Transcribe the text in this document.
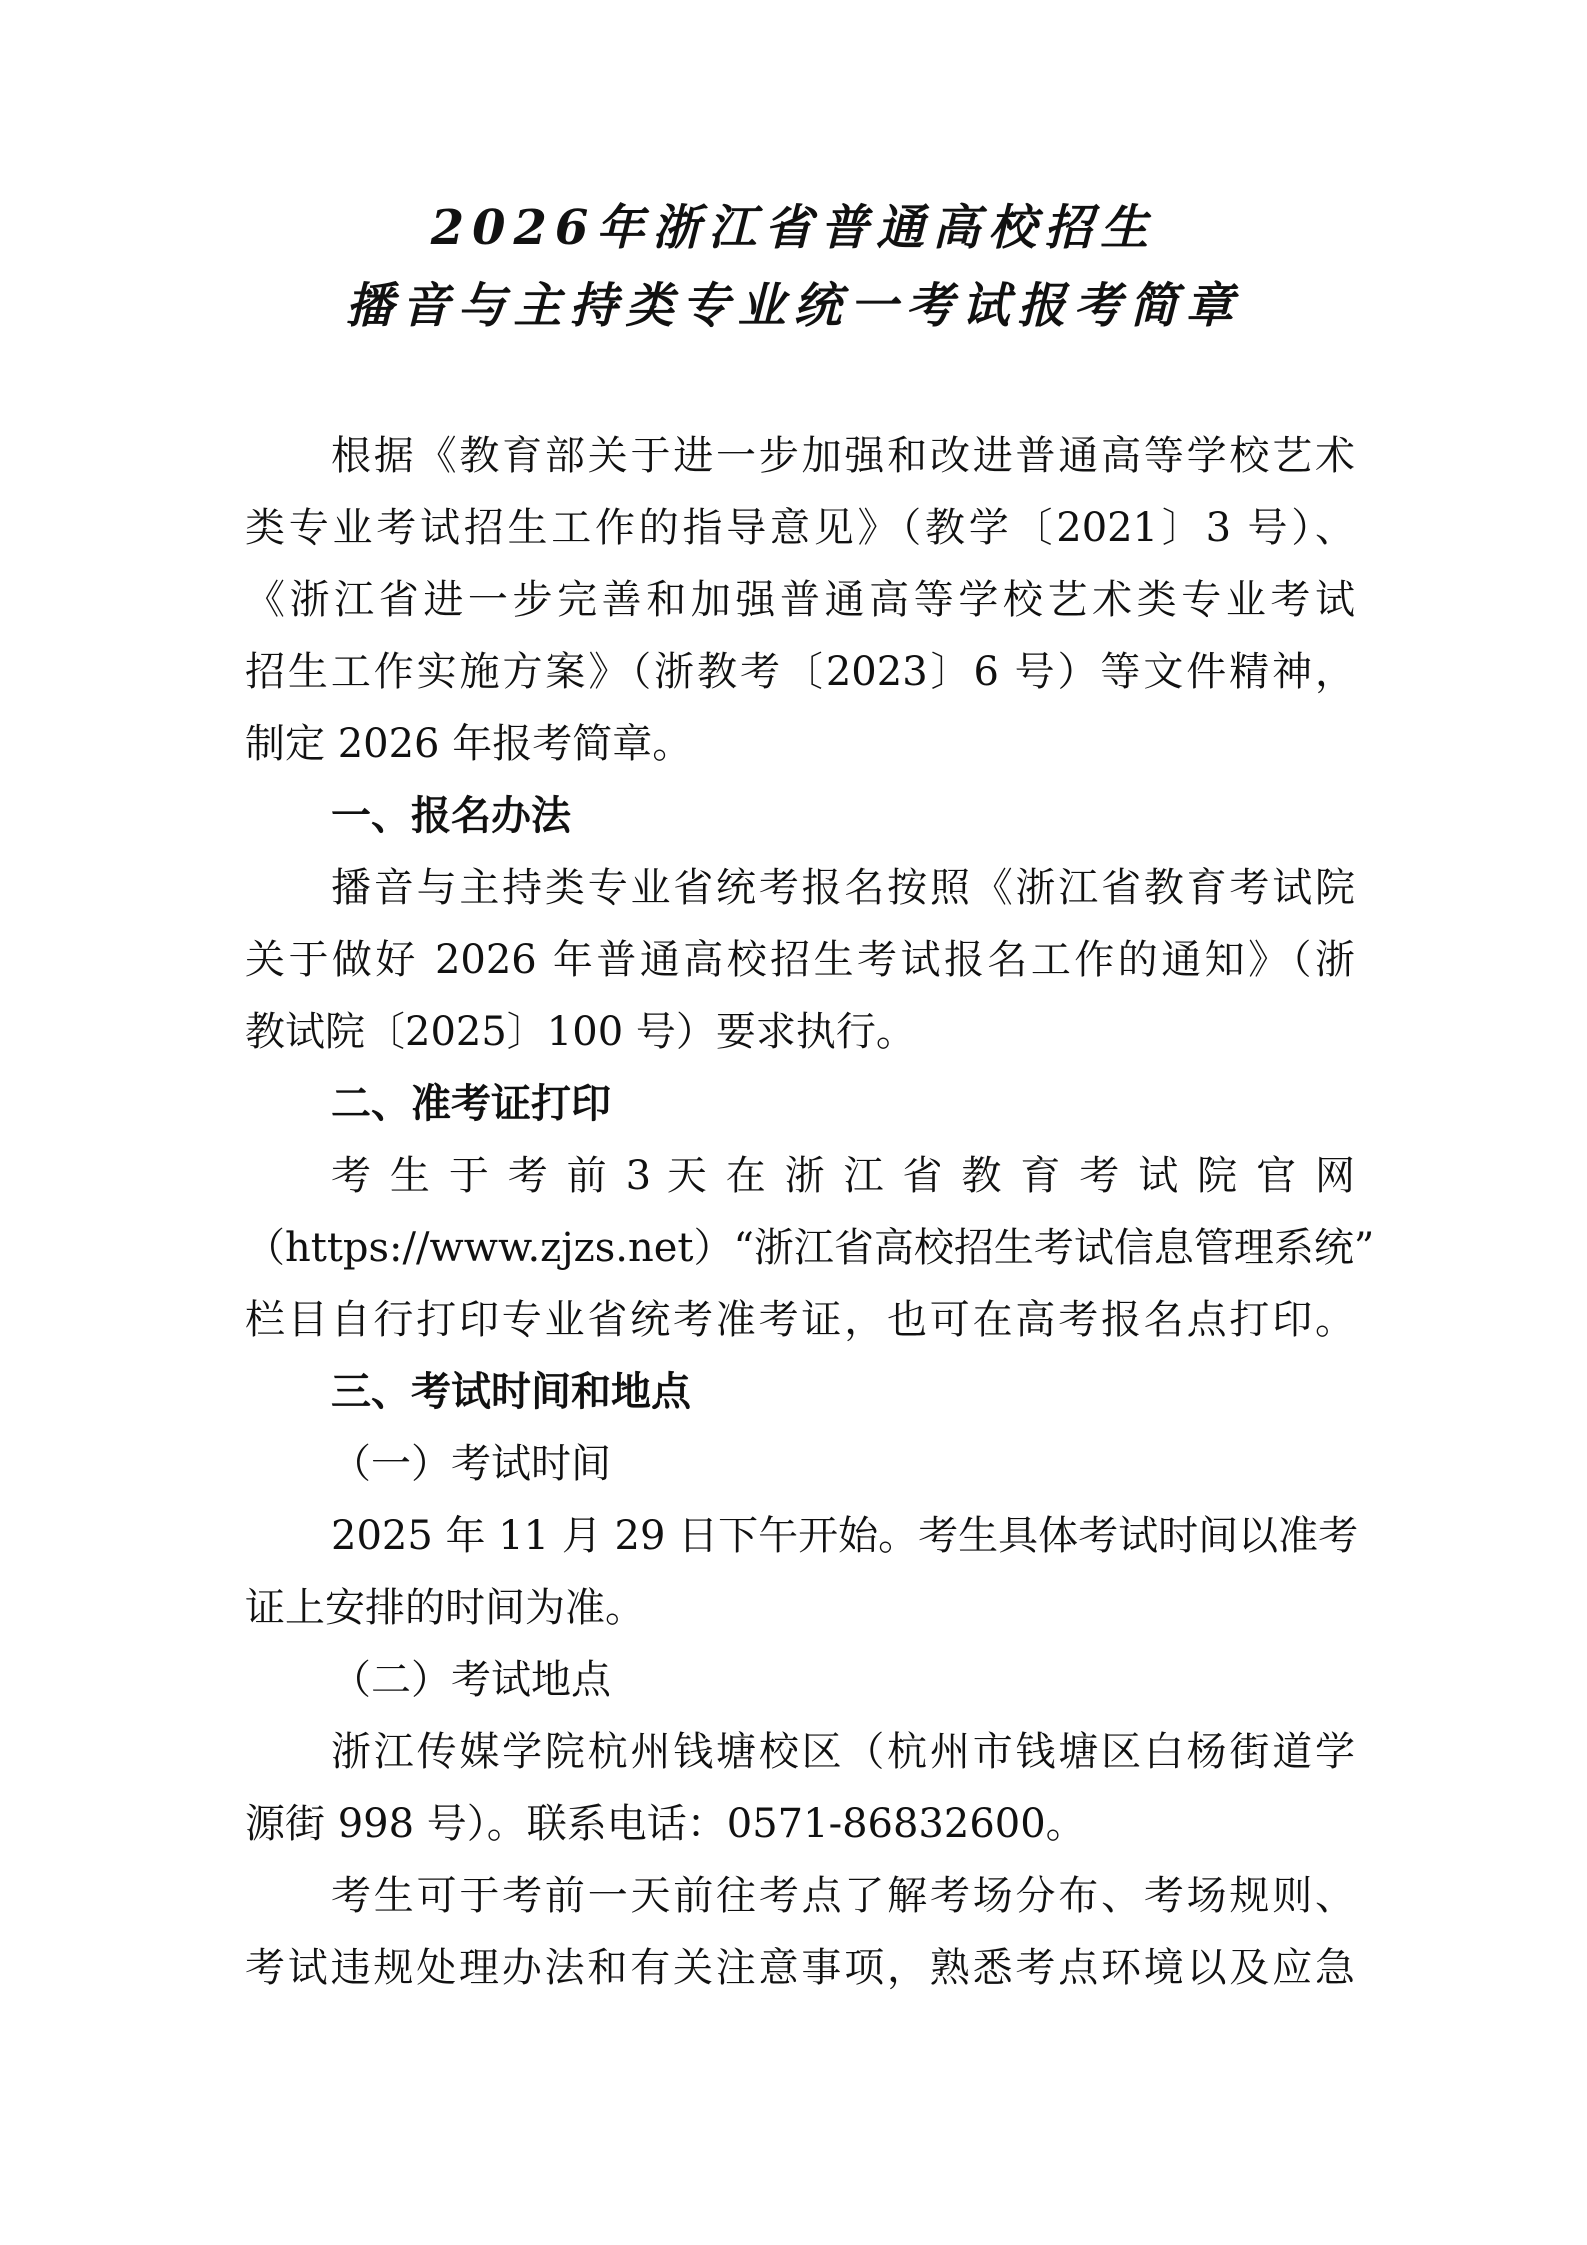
2026年浙江省普通高校招生
播音与主持类专业统一考试报考简章
根据《教育部关于进一步加强和改进普通高等学校艺术
类专业考试招生工作的指导意见》（教学〔2021〕3 号）、
《浙江省进一步完善和加强普通高等学校艺术类专业考试
招生工作实施方案》（浙教考〔2023〕6 号）等文件精神，
制定 2026 年报考简章。
一、报名办法
播音与主持类专业省统考报名按照《浙江省教育考试院
关于做好 2026 年普通高校招生考试报名工作的通知》（浙
教试院〔2025〕100 号）要求执行。
二、准考证打印
考 生 于 考 前 3 天 在 浙 江 省 教 育 考 试 院 官 网
（https://www.zjzs.net）“浙江省高校招生考试信息管理系统”
栏目自行打印专业省统考准考证，也可在高考报名点打印。
三、考试时间和地点
（一）考试时间
2025 年 11 月 29 日下午开始。考生具体考试时间以准考
证上安排的时间为准。
（二）考试地点
浙江传媒学院杭州钱塘校区（杭州市钱塘区白杨街道学
源街 998 号）。联系电话：0571-86832600。
考生可于考前一天前往考点了解考场分布、考场规则、
考试违规处理办法和有关注意事项，熟悉考点环境以及应急
